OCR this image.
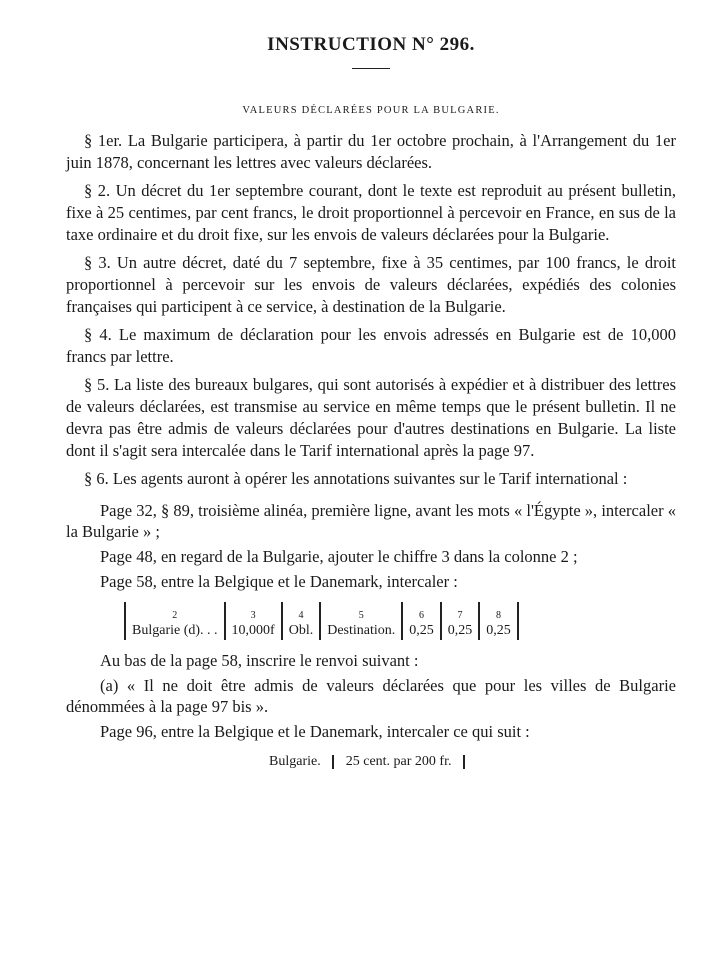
INSTRUCTION N° 296.
VALEURS DÉCLARÉES POUR LA BULGARIE.

§ 1er. La Bulgarie participera, à partir du 1er octobre prochain, à l'Arrangement du 1er juin 1878, concernant les lettres avec valeurs déclarées.

§ 2. Un décret du 1er septembre courant, dont le texte est reproduit au présent bulletin, fixe à 25 centimes, par cent francs, le droit proportionnel à percevoir en France, en sus de la taxe ordinaire et du droit fixe, sur les envois de valeurs déclarées pour la Bulgarie.

§ 3. Un autre décret, daté du 7 septembre, fixe à 35 centimes, par 100 francs, le droit proportionnel à percevoir sur les envois de valeurs déclarées, expédiés des colonies françaises qui participent à ce service, à destination de la Bulgarie.

§ 4. Le maximum de déclaration pour les envois adressés en Bulgarie est de 10,000 francs par lettre.

§ 5. La liste des bureaux bulgares, qui sont autorisés à expédier et à distribuer des lettres de valeurs déclarées, est transmise au service en même temps que le présent bulletin. Il ne devra pas être admis de valeurs déclarées pour d'autres destinations en Bulgarie. La liste dont il s'agit sera intercalée dans le Tarif international après la page 97.

§ 6. Les agents auront à opérer les annotations suivantes sur le Tarif international :

Page 32, § 89, troisième alinéa, première ligne, avant les mots « l'Égypte », intercaler « la Bulgarie » ;

Page 48, en regard de la Bulgarie, ajouter le chiffre 3 dans la colonne 2 ;

Page 58, entre la Belgique et le Danemark, intercaler :

2
Bulgarie (d). . .
3
10,000f
4
Obl.
5
Destination.
6
0,25
7
0,25
8
0,25

Au bas de la page 58, inscrire le renvoi suivant :

(a) « Il ne doit être admis de valeurs déclarées que pour les villes de Bulgarie dénommées à la page 97 bis ».

Page 96, entre la Belgique et le Danemark, intercaler ce qui suit :

Bulgarie. 25 cent. par 200 fr.
